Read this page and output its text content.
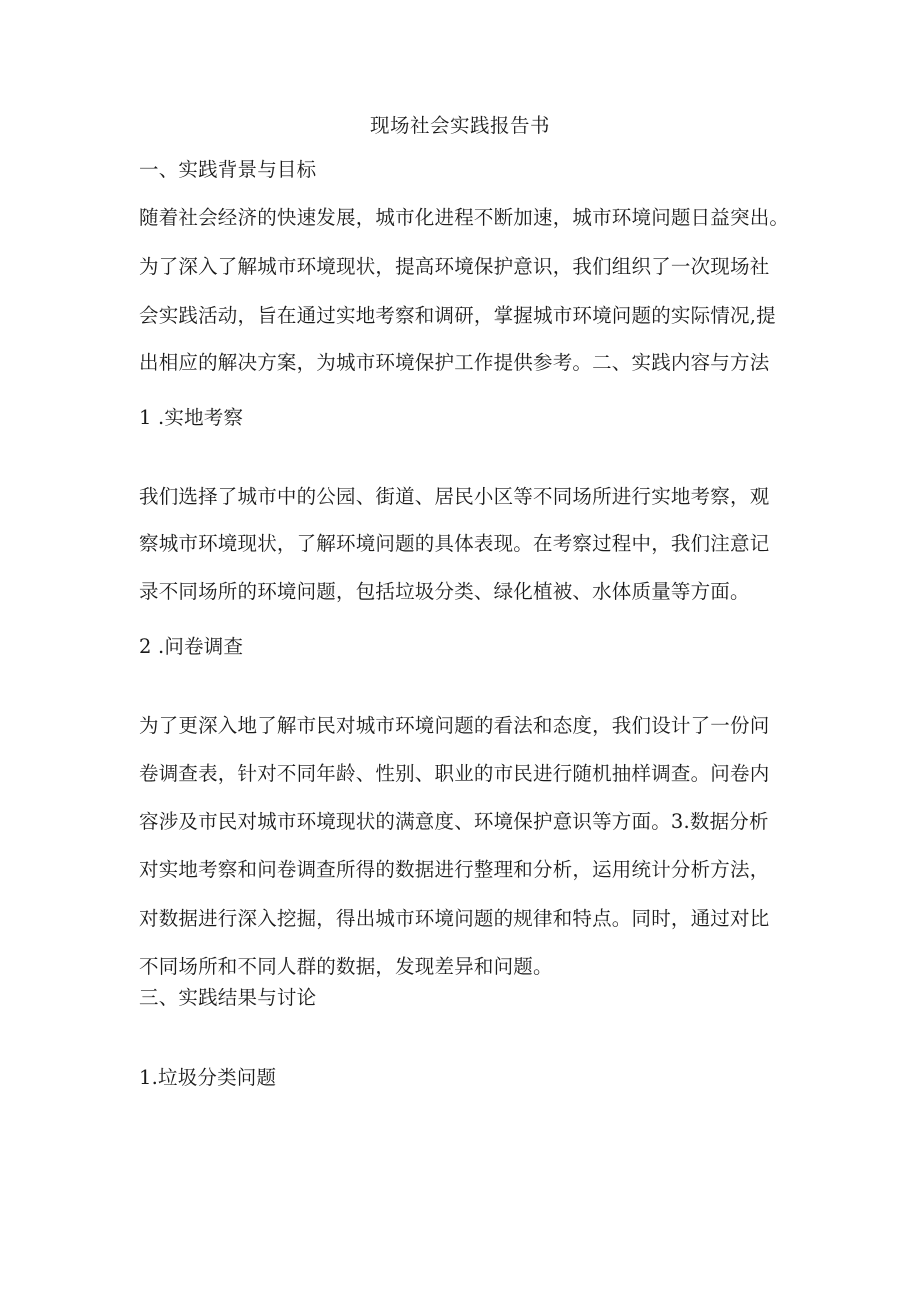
现场社会实践报告书
一、实践背景与目标
随着社会经济的快速发展，城市化进程不断加速，城市环境问题日益突出。
为了深入了解城市环境现状，提高环境保护意识，我们组织了一次现场社
会实践活动，旨在通过实地考察和调研，掌握城市环境问题的实际情况,提
出相应的解决方案，为城市环境保护工作提供参考。二、实践内容与方法
1 .实地考察
我们选择了城市中的公园、街道、居民小区等不同场所进行实地考察，观
察城市环境现状，了解环境问题的具体表现。在考察过程中，我们注意记
录不同场所的环境问题，包括垃圾分类、绿化植被、水体质量等方面。
2 .问卷调查
为了更深入地了解市民对城市环境问题的看法和态度，我们设计了一份问
卷调查表，针对不同年龄、性别、职业的市民进行随机抽样调查。问卷内
容涉及市民对城市环境现状的满意度、环境保护意识等方面。3.数据分析
对实地考察和问卷调查所得的数据进行整理和分析，运用统计分析方法，
对数据进行深入挖掘，得出城市环境问题的规律和特点。同时，通过对比
不同场所和不同人群的数据，发现差异和问题。
三、实践结果与讨论
1.垃圾分类问题
